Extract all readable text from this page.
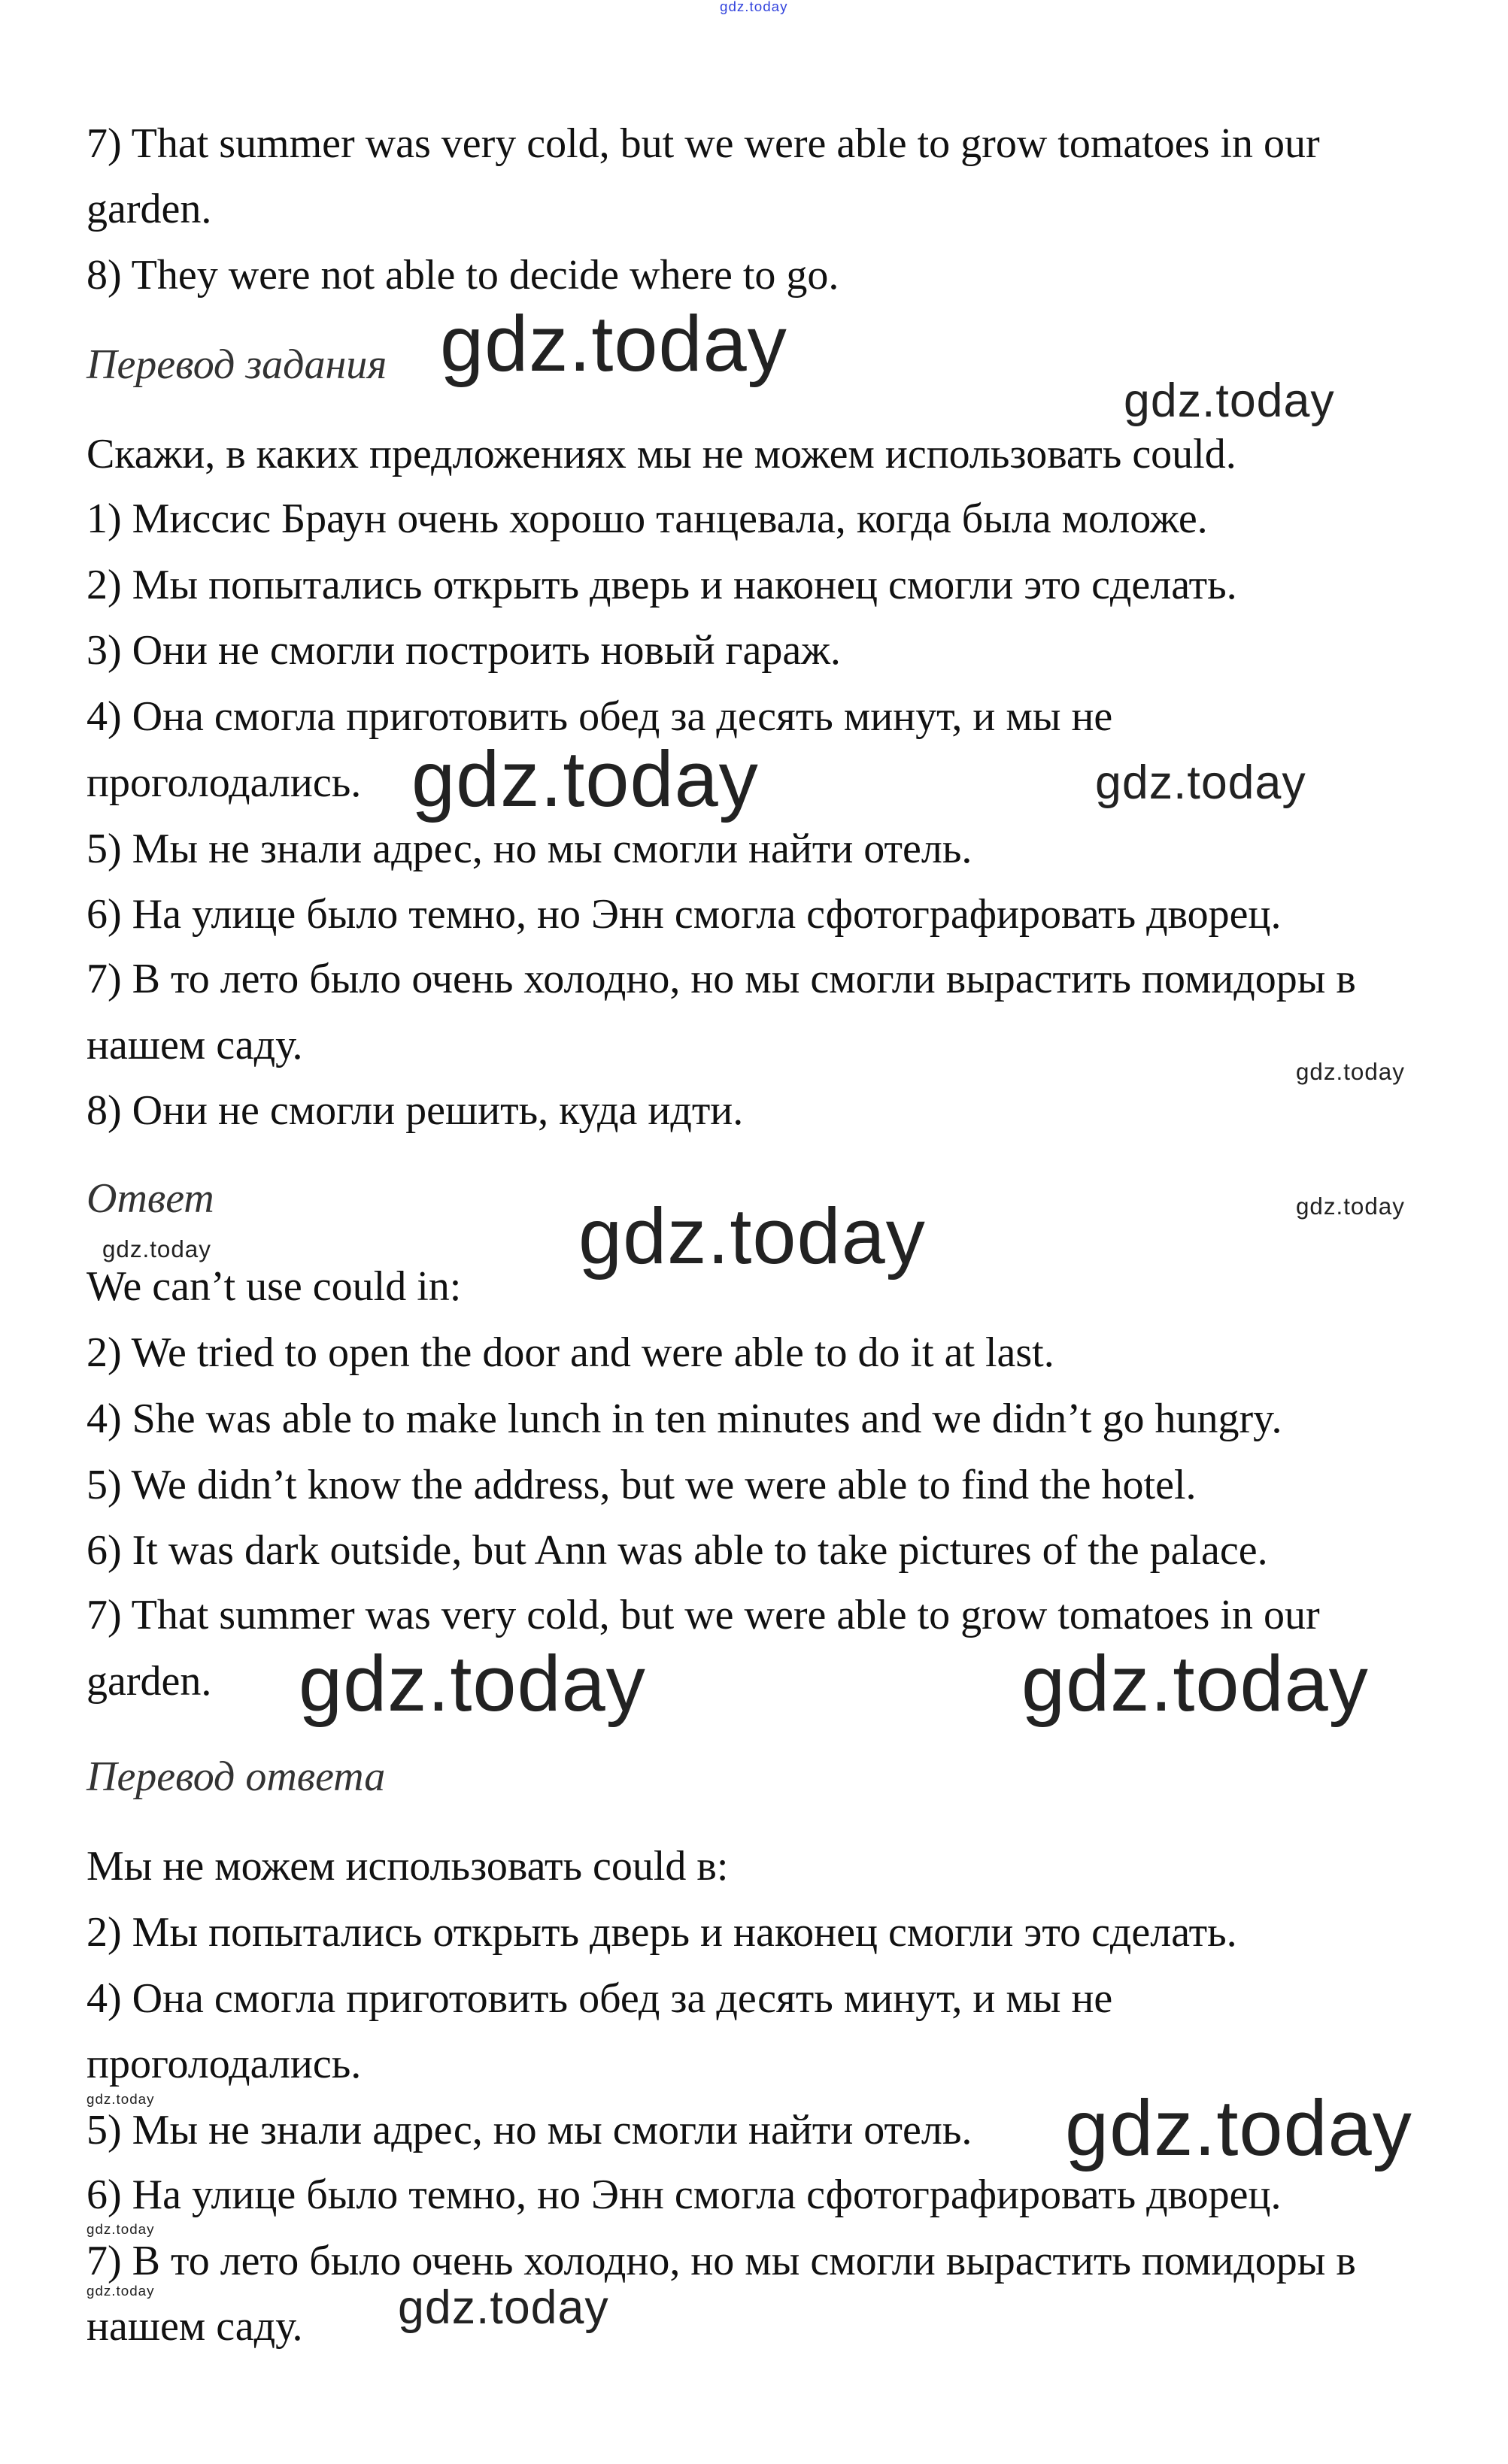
7) That summer was very cold, but we were able to grow tomatoes in our
garden.
8) They were not able to decide where to go.
Перевод задания
Скажи, в каких предложениях мы не можем использовать could.
1) Миссис Браун очень хорошо танцевала, когда была моложе.
2) Мы попытались открыть дверь и наконец смогли это сделать.
3) Они не смогли построить новый гараж.
4) Она смогла приготовить обед за десять минут, и мы не
проголодались.
5) Мы не знали адрес, но мы смогли найти отель.
6) На улице было темно, но Энн смогла сфотографировать дворец.
7) В то лето было очень холодно, но мы смогли вырастить помидоры в
нашем саду.
8) Они не смогли решить, куда идти.
Ответ
We can’t use could in:
2) We tried to open the door and were able to do it at last.
4) She was able to make lunch in ten minutes and we didn’t go hungry.
5) We didn’t know the address, but we were able to find the hotel.
6) It was dark outside, but Ann was able to take pictures of the palace.
7) That summer was very cold, but we were able to grow tomatoes in our
garden.
Перевод ответа
Мы не можем использовать could в:
2) Мы попытались открыть дверь и наконец смогли это сделать.
4) Она смогла приготовить обед за десять минут, и мы не
проголодались.
5) Мы не знали адрес, но мы смогли найти отель.
6) На улице было темно, но Энн смогла сфотографировать дворец.
7) В то лето было очень холодно, но мы смогли вырастить помидоры в
нашем саду.
gdz.today
gdz.today
gdz.today
gdz.today	gdz.today
gdz.today
gdz.today	gdz.today
gdz.today
gdz.today	gdz.today
gdz.today	gdz.today
gdz.today
gdz.today
gdz.today
